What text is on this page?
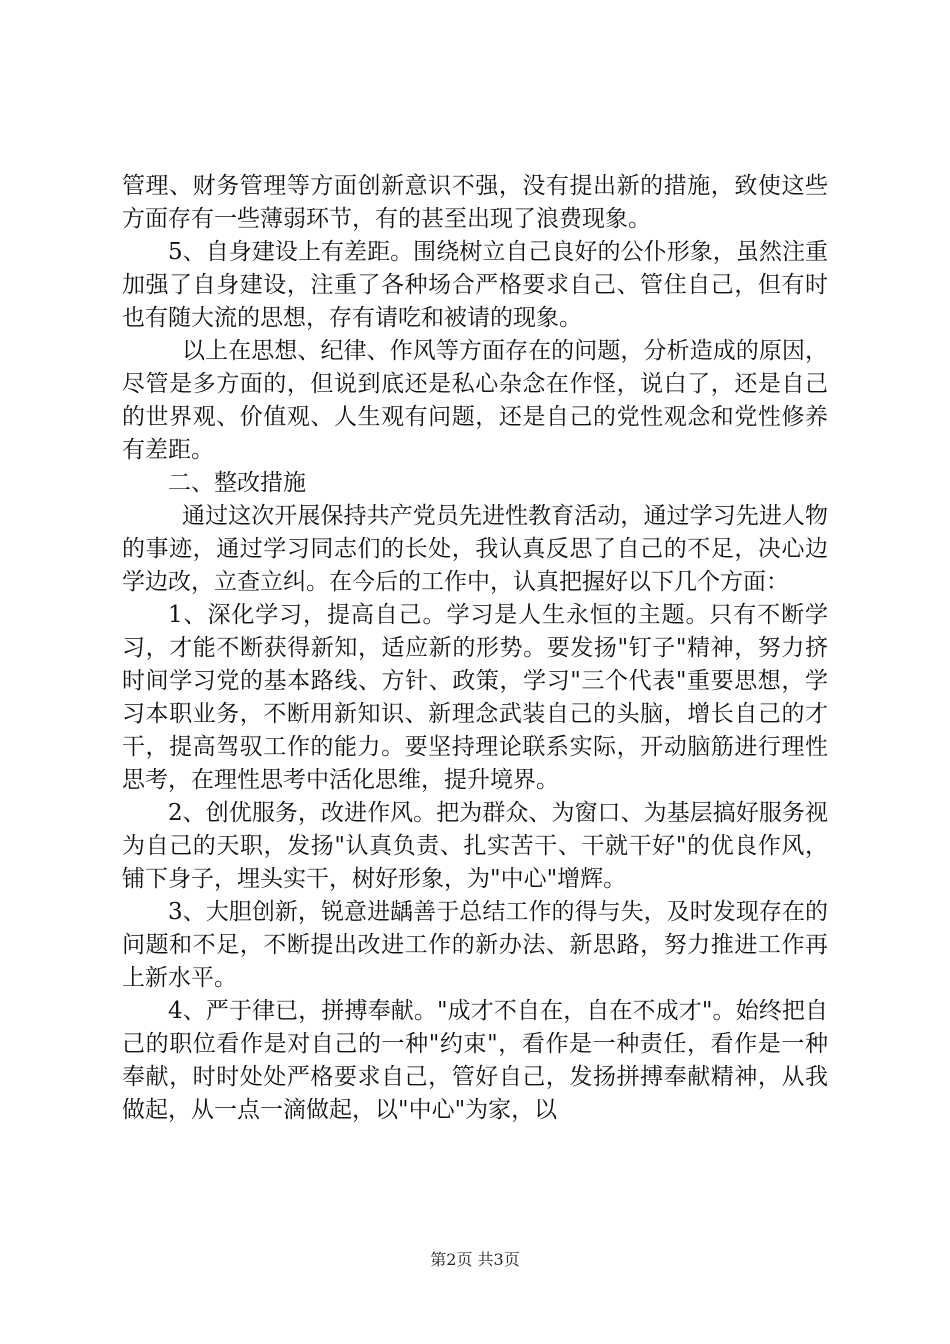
管理、财务管理等方面创新意识不强，没有提出新的措施，致使这些方面存有一些薄弱环节，有的甚至出现了浪费现象。

5、自身建设上有差距。围绕树立自己良好的公仆形象，虽然注重加强了自身建设，注重了各种场合严格要求自己、管住自己，但有时也有随大流的思想，存有请吃和被请的现象。

以上在思想、纪律、作风等方面存在的问题，分析造成的原因，尽管是多方面的，但说到底还是私心杂念在作怪，说白了，还是自己的世界观、价值观、人生观有问题，还是自己的党性观念和党性修养有差距。

二、整改措施

通过这次开展保持共产党员先进性教育活动，通过学习先进人物的事迹，通过学习同志们的长处，我认真反思了自己的不足，决心边学边改，立查立纠。在今后的工作中，认真把握好以下几个方面：

1、深化学习，提高自己。学习是人生永恒的主题。只有不断学习，才能不断获得新知，适应新的形势。要发扬"钉子"精神，努力挤时间学习党的基本路线、方针、政策，学习"三个代表"重要思想，学习本职业务，不断用新知识、新理念武装自己的头脑，增长自己的才干，提高驾驭工作的能力。要坚持理论联系实际，开动脑筋进行理性思考，在理性思考中活化思维，提升境界。

2、创优服务，改进作风。把为群众、为窗口、为基层搞好服务视为自己的天职，发扬"认真负责、扎实苦干、干就干好"的优良作风，铺下身子，埋头实干，树好形象，为"中心"增辉。

3、大胆创新，锐意进龋善于总结工作的得与失，及时发现存在的问题和不足，不断提出改进工作的新办法、新思路，努力推进工作再上新水平。

4、严于律已，拼搏奉献。"成才不自在，自在不成才"。始终把自己的职位看作是对自己的一种"约束"，看作是一种责任，看作是一种奉献，时时处处严格要求自己，管好自己，发扬拼搏奉献精神，从我做起，从一点一滴做起，以"中心"为家，以

第2页 共3页
